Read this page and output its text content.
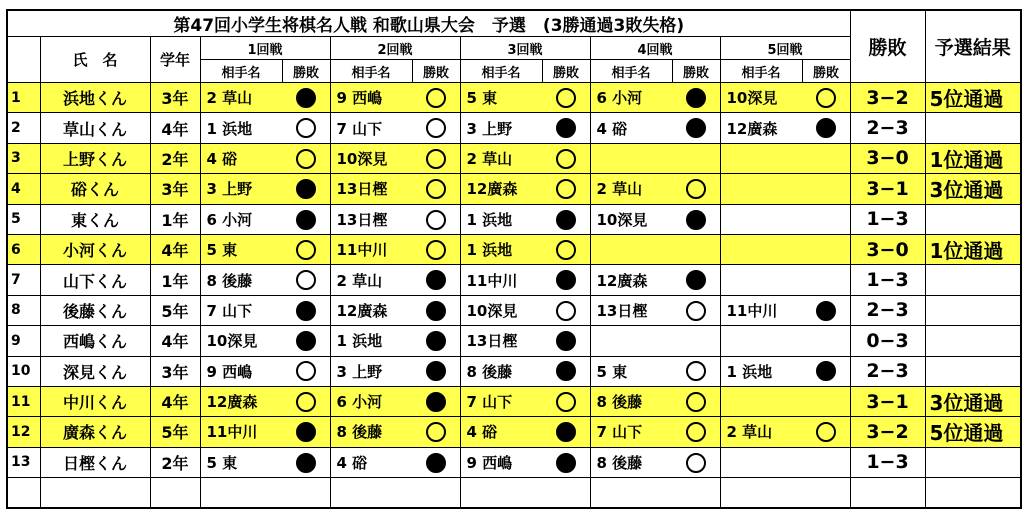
第47回小学生将棋名人戦 和歌山県大会　予選　(3勝通過3敗失格)													勝敗	予選結果
	氏　名	学年	1回戦		2回戦		3回戦		4回戦		5回戦			
			相手名	勝敗	相手名	勝敗	相手名	勝敗	相手名	勝敗	相手名	勝敗		
1	浜地くん	3年	2 草山		9 西嶋		5 東		6 小河		10深見		3−2	5位通過
2	草山くん	4年	1 浜地		7 山下		3 上野		4 硲		12廣森		2−3	
3	上野くん	2年	4 硲		10深見		2 草山						3−0	1位通過
4	硲くん	3年	3 上野		13日樫		12廣森		2 草山				3−1	3位通過
5	東くん	1年	6 小河		13日樫		1 浜地		10深見				1−3	
6	小河くん	4年	5 東		11中川		1 浜地						3−0	1位通過
7	山下くん	1年	8 後藤		2 草山		11中川		12廣森				1−3	
8	後藤くん	5年	7 山下		12廣森		10深見		13日樫		11中川		2−3	
9	西嶋くん	4年	10深見		1 浜地		13日樫						0−3	
10	深見くん	3年	9 西嶋		3 上野		8 後藤		5 東		1 浜地		2−3	
11	中川くん	4年	12廣森		6 小河		7 山下		8 後藤				3−1	3位通過
12	廣森くん	5年	11中川		8 後藤		4 硲		7 山下		2 草山		3−2	5位通過
13	日樫くん	2年	5 東		4 硲		9 西嶋		8 後藤				1−3	
